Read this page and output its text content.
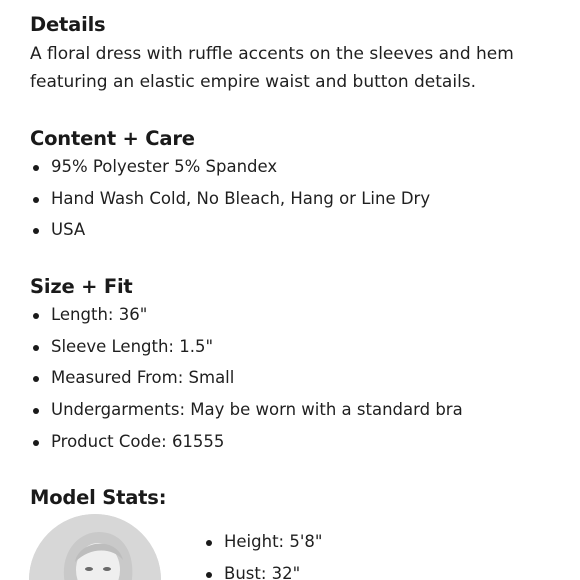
Details

A floral dress with ruffle accents on the sleeves and hem featuring an elastic empire waist and button details.

Content + Care
95% Polyester 5% Spandex
Hand Wash Cold, No Bleach, Hang or Line Dry
USA
Size + Fit
Length: 36"
Sleeve Length: 1.5"
Measured From: Small
Undergarments: May be worn with a standard bra
Product Code: 61555
Model Stats:
Height: 5'8"
Bust: 32"
